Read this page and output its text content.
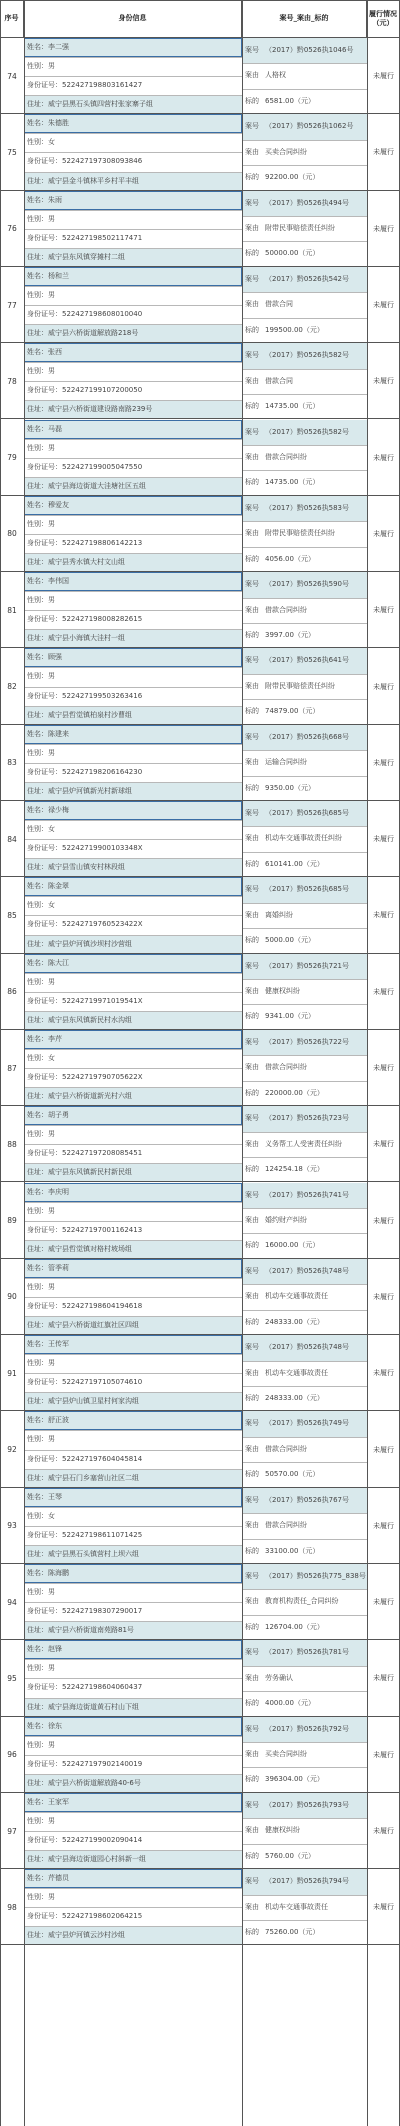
序号	身份信息	案号_案由_标的
履行情况（元）
74
姓名：李二强
性别：男
身份证号：522427198803161427
住址：威宁县黑石头镇四营村张家寨子组
案号 （2017）黔0526执1046号
案由 人格权
标的 6581.00（元）
未履行
75
姓名：朱德胜
性别：女
身份证号：522427197308093846
住址：威宁县金斗镇林平乡村平丰组
案号 （2017）黔0526执1062号
案由 买卖合同纠纷
标的 92200.00（元）
未履行
76
姓名：朱雨
性别：男
身份证号：522427198502117471
住址：威宁县东风镇穿摊村二组
案号 （2017）黔0526执494号
案由 附带民事赔偿责任纠纷
标的 50000.00（元）
未履行
77
姓名：杨和兰
性别：男
身份证号：522427198608010040
住址：威宁县六桥街道解放路218号
案号 （2017）黔0526执542号
案由 借款合同
标的 199500.00（元）
未履行
78
姓名：张西
性别：男
身份证号：522427199107200050
住址：威宁县六桥街道建设路南路239号
案号 （2017）黔0526执582号
案由 借款合同
标的 14735.00（元）
未履行
79
姓名：马磊
性别：男
身份证号：522427199005047550
住址：威宁县海边街道大洼塘社区五组
案号 （2017）黔0526执582号
案由 借款合同纠纷
标的 14735.00（元）
未履行
80
姓名：穆爱友
性别：男
身份证号：522427198806142213
住址：威宁县秀水镇大村文山组
案号 （2017）黔0526执583号
案由 附带民事赔偿责任纠纷
标的 4056.00（元）
未履行
81
姓名：李伟国
性别：男
身份证号：522427198008282615
住址：威宁县小海镇大洼村一组
案号 （2017）黔0526执590号
案由 借款合同纠纷
标的 3997.00（元）
未履行
82
姓名：顾强
性别：男
身份证号：522427199503263416
住址：威宁县哲觉镇柏泉村沙曹组
案号 （2017）黔0526执641号
案由 附带民事赔偿责任纠纷
标的 74879.00（元）
未履行
83
姓名：陈建来
性别：男
身份证号：522427198206164230
住址：威宁县炉河镇新光村新球组
案号 （2017）黔0526执668号
案由 运输合同纠纷
标的 9350.00（元）
未履行
84
姓名：禄少梅
性别：女
身份证号：52242719900103348X
住址：威宁县雪山镇安村林段组
案号 （2017）黔0526执685号
案由 机动车交通事故责任纠纷
标的 610141.00（元）
未履行
85
姓名：陈金翠
性别：女
身份证号：52242719760523422X
住址：威宁县炉河镇沙坝村沙营组
案号 （2017）黔0526执685号
案由 离婚纠纷
标的 5000.00（元）
未履行
86
姓名：陈大江
性别：男
身份证号：52242719971019541X
住址：威宁县东风镇新民村水沟组
案号 （2017）黔0526执721号
案由 健康权纠纷
标的 9341.00（元）
未履行
87
姓名：李芹
性别：女
身份证号：52242719790705622X
住址：威宁县六桥街道新光村六组
案号 （2017）黔0526执722号
案由 借款合同纠纷
标的 220000.00（元）
未履行
88
姓名：胡子勇
性别：男
身份证号：522427197208085451
住址：威宁县东风镇新民村新民组
案号 （2017）黔0526执723号
案由 义务帮工人受害责任纠纷
标的 124254.18（元）
未履行
89
姓名：李庆明
性别：男
身份证号：522427197001162413
住址：威宁县哲觉镇对格村坡场组
案号 （2017）黔0526执741号
案由 婚约财产纠纷
标的 16000.00（元）
未履行
90
姓名：管季莉
性别：男
身份证号：522427198604194618
住址：威宁县六桥街道红旗社区四组
案号 （2017）黔0526执748号
案由 机动车交通事故责任
标的 248333.00（元）
未履行
91
姓名：王传军
性别：男
身份证号：522427197105074610
住址：威宁县炉山镇卫星村何家沟组
案号 （2017）黔0526执748号
案由 机动车交通事故责任
标的 248333.00（元）
未履行
92
姓名：舒正波
性别：男
身份证号：522427197604045814
住址：威宁县石门乡塞营山社区二组
案号 （2017）黔0526执749号
案由 借款合同纠纷
标的 50570.00（元）
未履行
93
姓名：王琴
性别：女
身份证号：522427198611071425
住址：威宁县黑石头镇营村上坝六组
案号 （2017）黔0526执767号
案由 借款合同纠纷
标的 33100.00（元）
未履行
94
姓名：陈海鹏
性别：男
身份证号：522427198307290017
住址：威宁县六桥街道南苑路81号
案号 （2017）黔0526执775_838号
案由 教育机构责任_合同纠纷
标的 126704.00（元）
未履行
95
姓名：赵锋
性别：男
身份证号：522427198604060437
住址：威宁县海边街道黄石村山下组
案号 （2017）黔0526执781号
案由 劳务确认
标的 4000.00（元）
未履行
96
姓名：徐东
性别：男
身份证号：522427197902140019
住址：威宁县六桥街道解放路40-6号
案号 （2017）黔0526执792号
案由 买卖合同纠纷
标的 396304.00（元）
未履行
97
姓名：王家军
性别：男
身份证号：522427199002090414
住址：威宁县海边街道园心村斜新一组
案号 （2017）黔0526执793号
案由 健康权纠纷
标的 5760.00（元）
未履行
98
姓名：芹德员
性别：男
身份证号：522427198602064215
住址：威宁县炉河镇云沙村沙组
案号 （2017）黔0526执794号
案由 机动车交通事故责任
标的 75260.00（元）
未履行
